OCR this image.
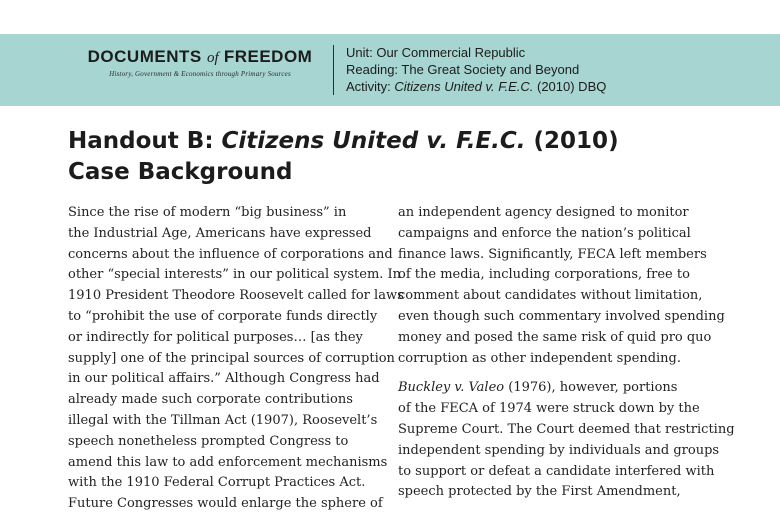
DOCUMENTS of FREEDOM
History, Government & Economics through Primary Sources
Unit: Our Commercial Republic
Reading: The Great Society and Beyond
Activity: Citizens United v. F.E.C. (2010) DBQ
Handout B: Citizens United v. F.E.C. (2010)
Case Background
Since the rise of modern “big business” in
the Industrial Age, Americans have expressed
concerns about the influence of corporations and
other “special interests” in our political system. In
1910 President Theodore Roosevelt called for laws
to “prohibit the use of corporate funds directly
or indirectly for political purposes… [as they
supply] one of the principal sources of corruption
in our political affairs.” Although Congress had
already made such corporate contributions
illegal with the Tillman Act (1907), Roosevelt’s
speech nonetheless prompted Congress to
amend this law to add enforcement mechanisms
with the 1910 Federal Corrupt Practices Act.
Future Congresses would enlarge the sphere of
an independent agency designed to monitor
campaigns and enforce the nation’s political
finance laws. Significantly, FECA left members
of the media, including corporations, free to
comment about candidates without limitation,
even though such commentary involved spending
money and posed the same risk of quid pro quo
corruption as other independent spending.
Buckley v. Valeo (1976), however, portions
of the FECA of 1974 were struck down by the
Supreme Court. The Court deemed that restricting
independent spending by individuals and groups
to support or defeat a candidate interfered with
speech protected by the First Amendment,
